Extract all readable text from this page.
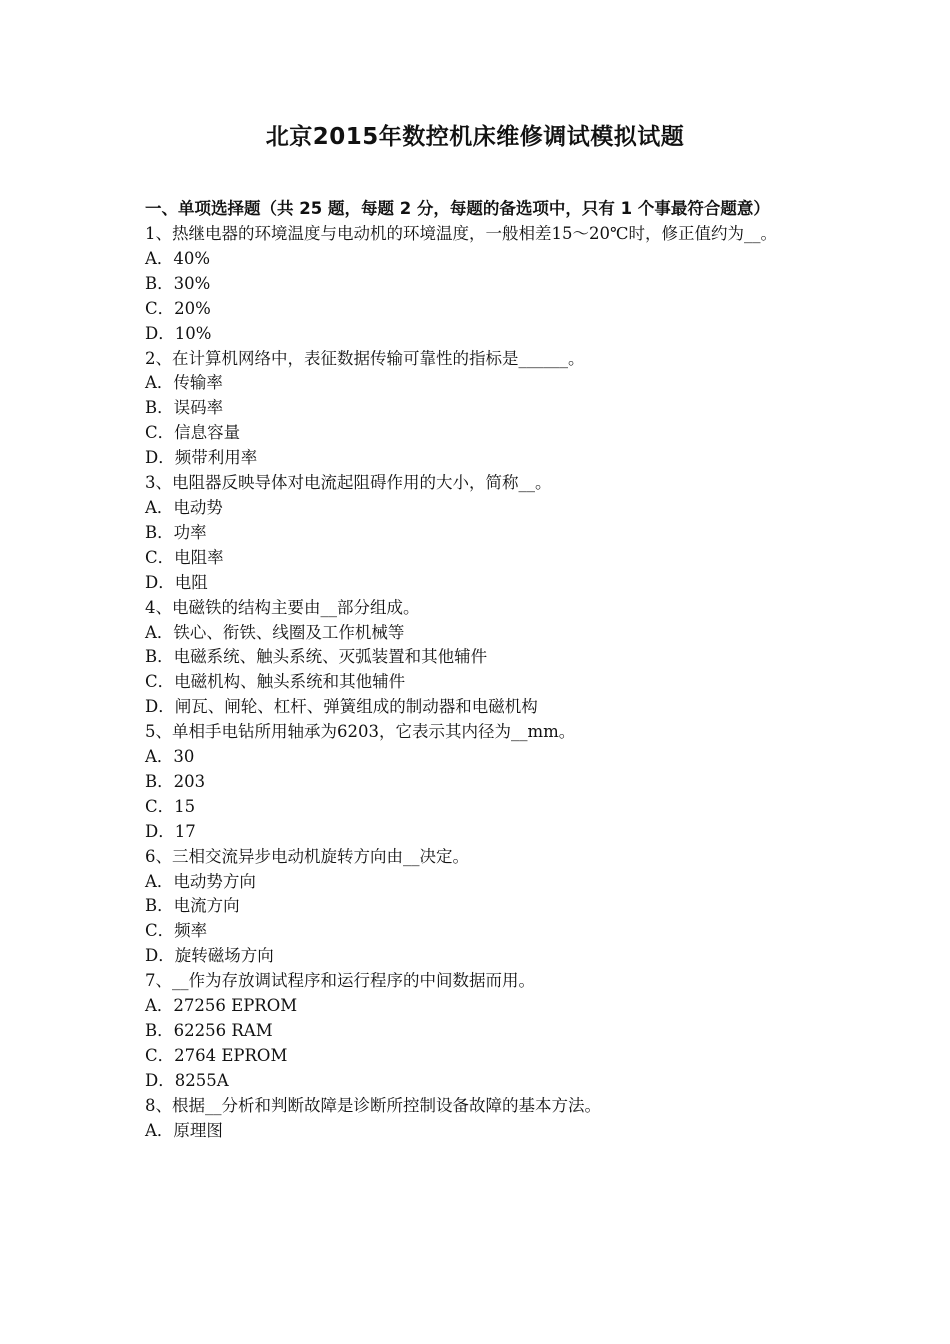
北京2015年数控机床维修调试模拟试题

一、单项选择题（共 25 题，每题 2 分，每题的备选项中，只有 1 个事最符合题意）

1、热继电器的环境温度与电动机的环境温度，一般相差15～20℃时，修正值约为__。

A．40%

B．30%

C．20%

D．10%

2、在计算机网络中，表征数据传输可靠性的指标是______。

A．传输率

B．误码率

C．信息容量

D．频带利用率

3、电阻器反映导体对电流起阻碍作用的大小，简称__。

A．电动势

B．功率

C．电阻率

D．电阻

4、电磁铁的结构主要由__部分组成。

A．铁心、衔铁、线圈及工作机械等

B．电磁系统、触头系统、灭弧装置和其他辅件

C．电磁机构、触头系统和其他辅件

D．闸瓦、闸轮、杠杆、弹簧组成的制动器和电磁机构

5、单相手电钻所用轴承为6203，它表示其内径为__mm。

A．30

B．203

C．15

D．17

6、三相交流异步电动机旋转方向由__决定。

A．电动势方向

B．电流方向

C．频率

D．旋转磁场方向

7、__作为存放调试程序和运行程序的中间数据而用。

A．27256 EPROM

B．62256 RAM

C．2764 EPROM

D．8255A

8、根据__分析和判断故障是诊断所控制设备故障的基本方法。

A．原理图
